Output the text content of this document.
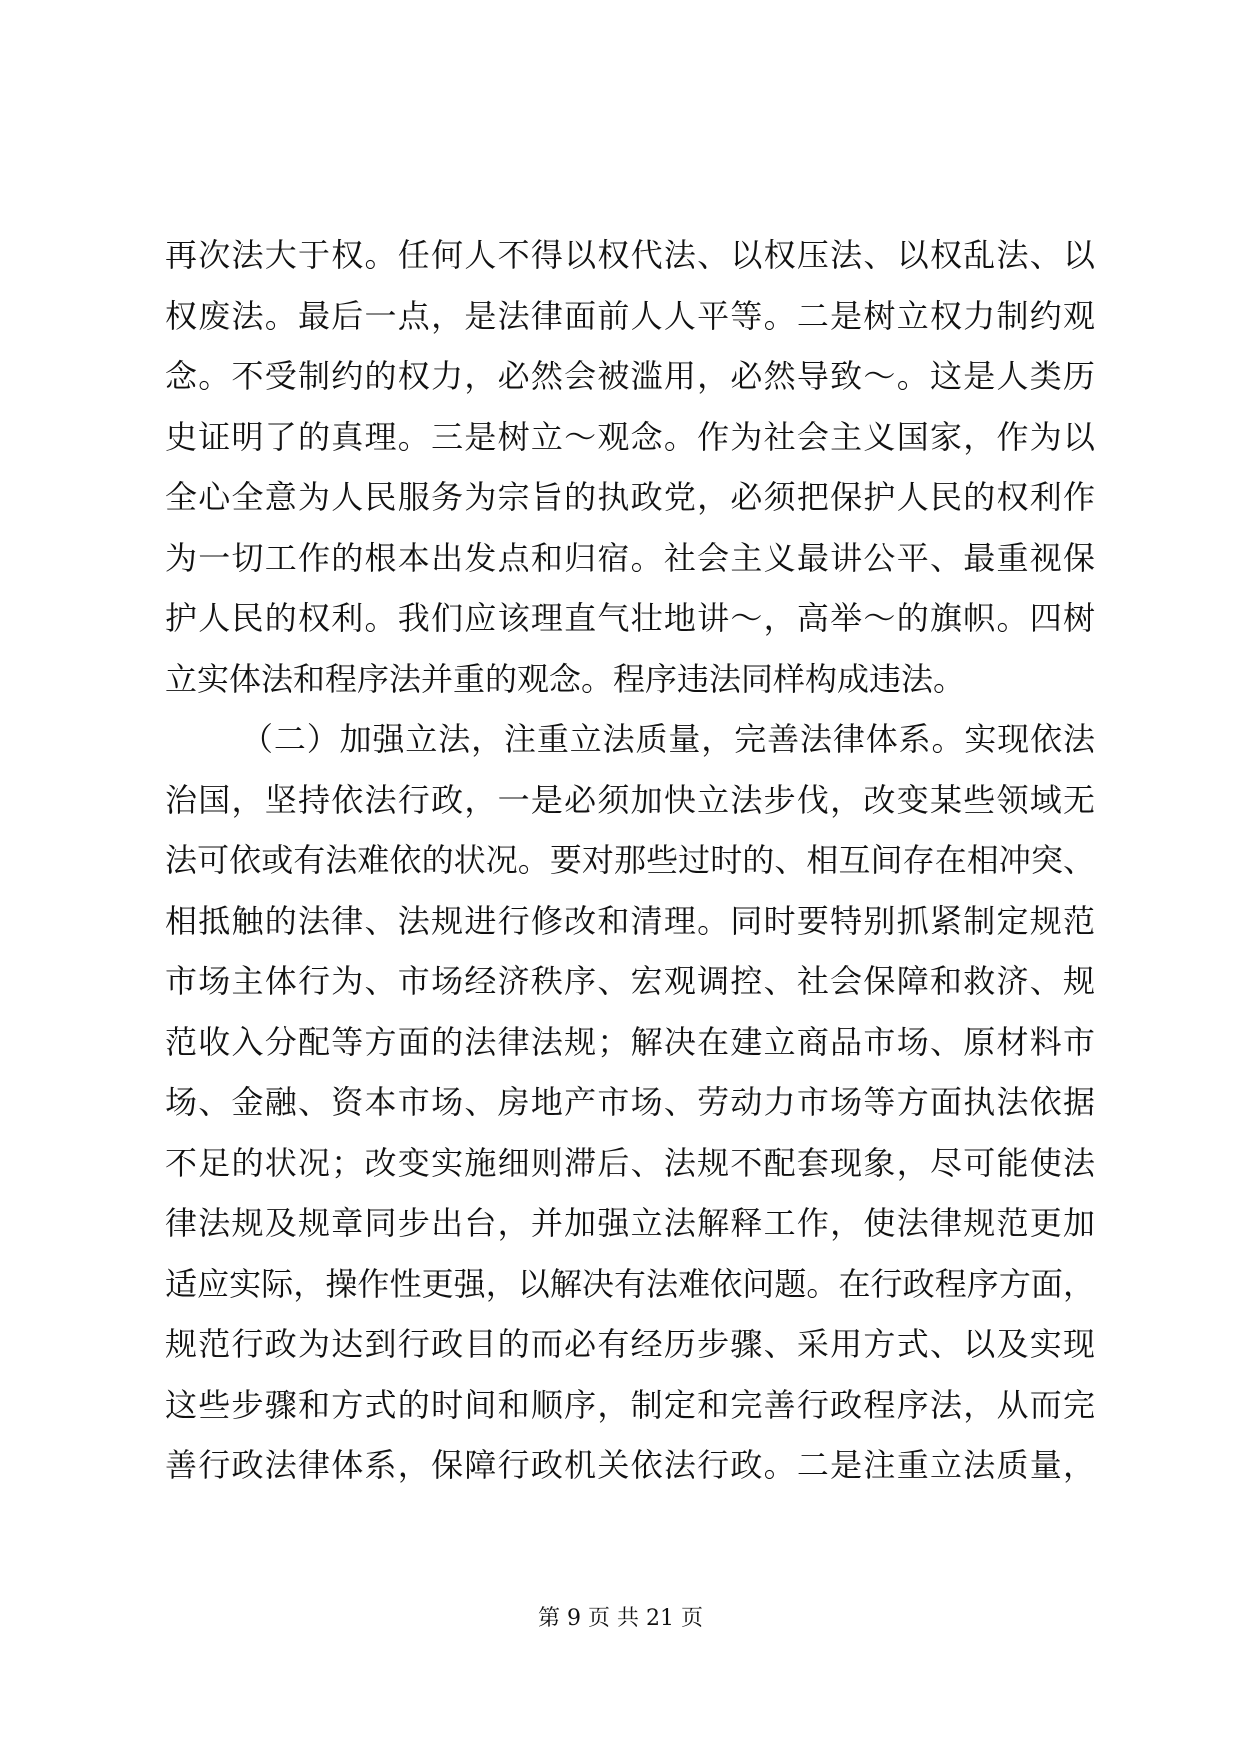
再次法大于权。任何人不得以权代法、以权压法、以权乱法、以
权废法。最后一点，是法律面前人人平等。二是树立权力制约观
念。不受制约的权力，必然会被滥用，必然导致～。这是人类历
史证明了的真理。三是树立～观念。作为社会主义国家，作为以
全心全意为人民服务为宗旨的执政党，必须把保护人民的权利作
为一切工作的根本出发点和归宿。社会主义最讲公平、最重视保
护人民的权利。我们应该理直气壮地讲～，高举～的旗帜。四树
立实体法和程序法并重的观念。程序违法同样构成违法。
（二）加强立法，注重立法质量，完善法律体系。实现依法
治国，坚持依法行政，一是必须加快立法步伐，改变某些领域无
法可依或有法难依的状况。要对那些过时的、相互间存在相冲突、
相抵触的法律、法规进行修改和清理。同时要特别抓紧制定规范
市场主体行为、市场经济秩序、宏观调控、社会保障和救济、规
范收入分配等方面的法律法规；解决在建立商品市场、原材料市
场、金融、资本市场、房地产市场、劳动力市场等方面执法依据
不足的状况；改变实施细则滞后、法规不配套现象，尽可能使法
律法规及规章同步出台，并加强立法解释工作，使法律规范更加
适应实际，操作性更强，以解决有法难依问题。在行政程序方面，
规范行政为达到行政目的而必有经历步骤、采用方式、以及实现
这些步骤和方式的时间和顺序，制定和完善行政程序法，从而完
善行政法律体系，保障行政机关依法行政。二是注重立法质量，
第 9 页 共 21 页
